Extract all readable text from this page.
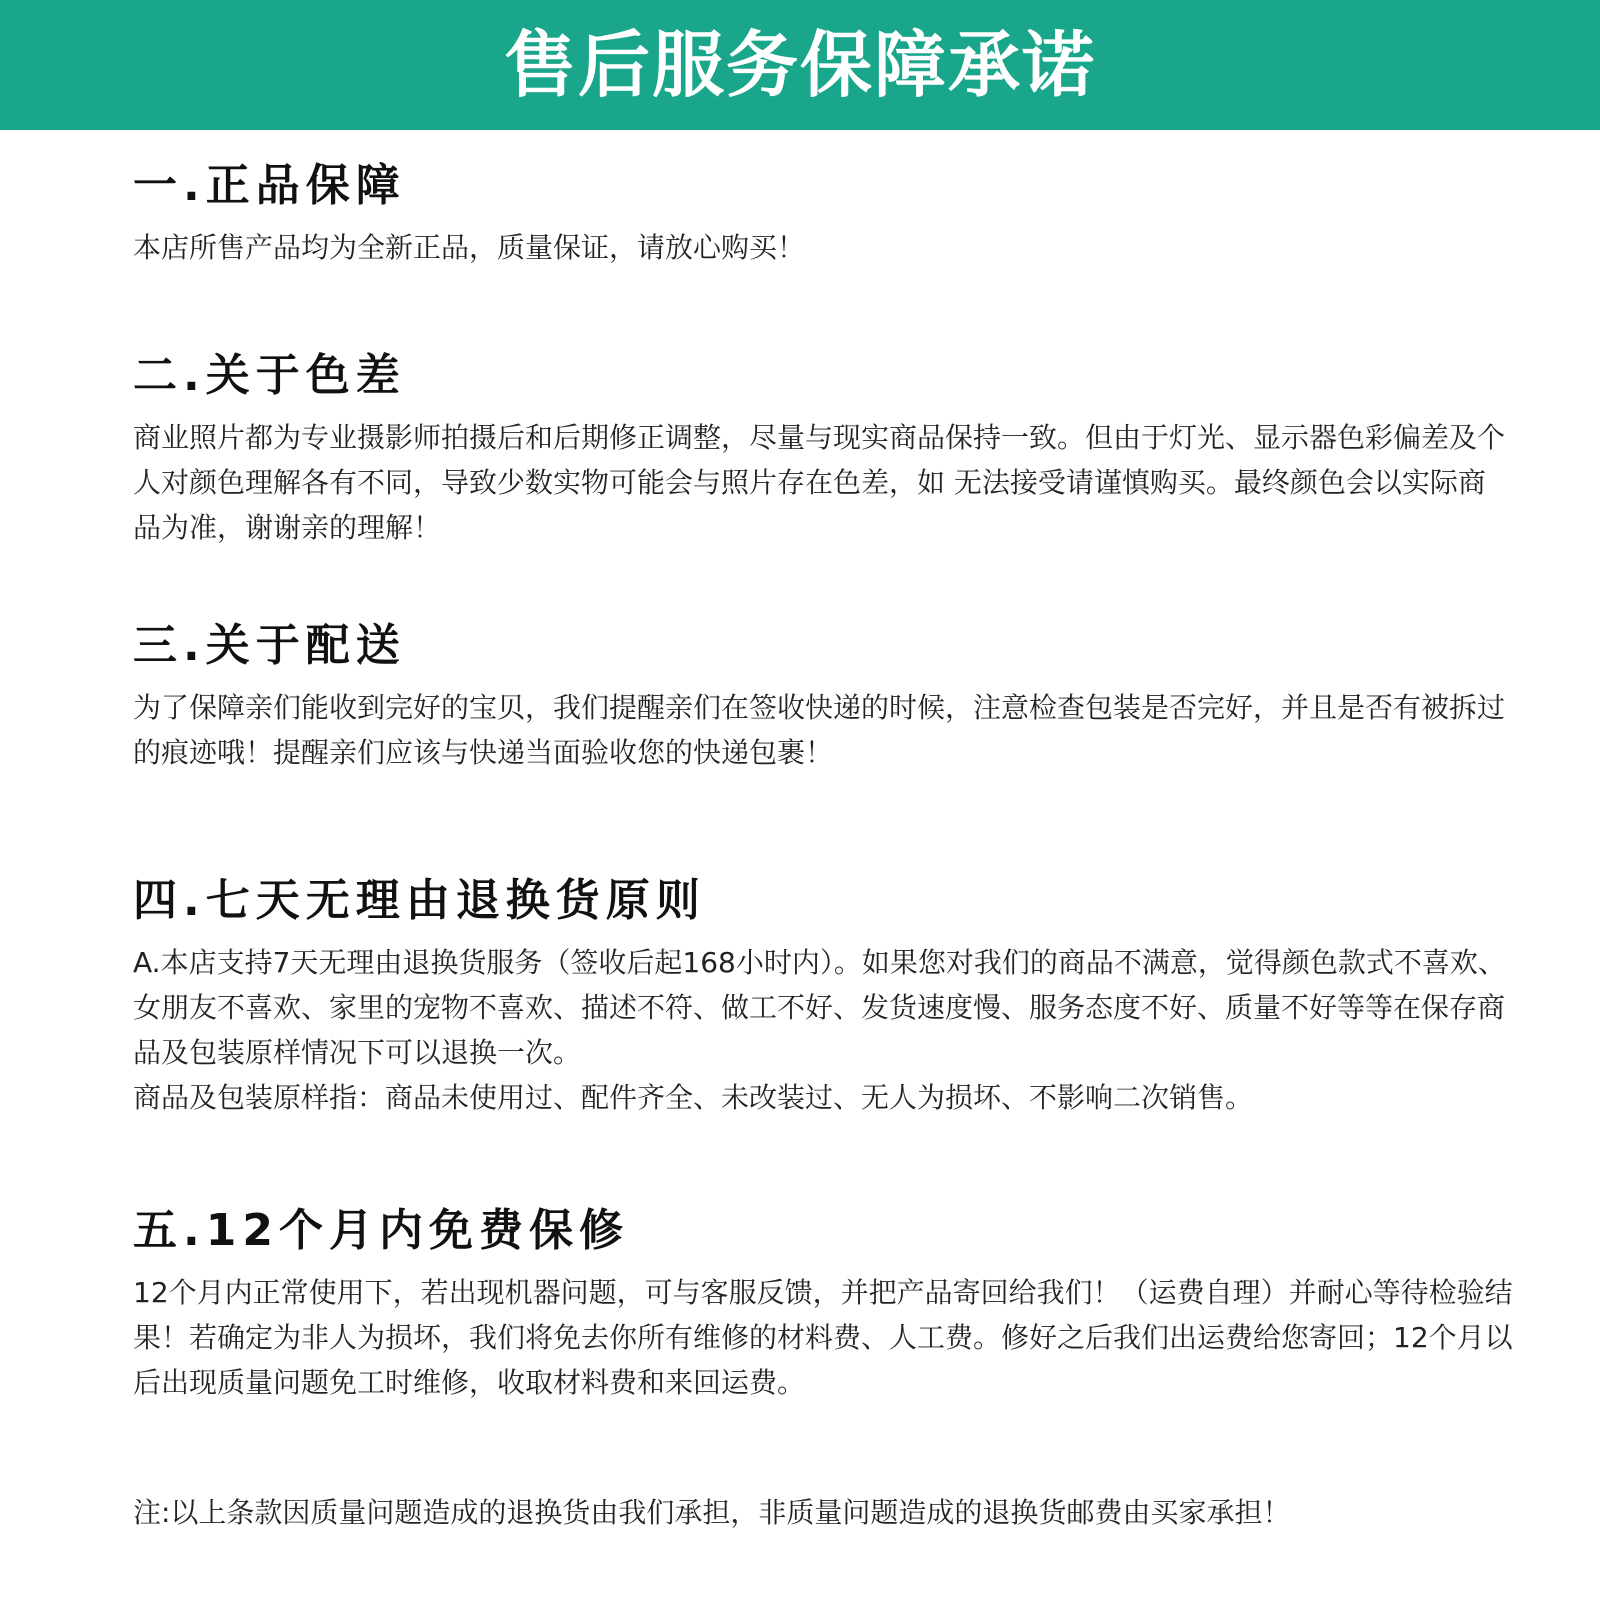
售后服务保障承诺
一.正品保障
本店所售产品均为全新正品，质量保证，请放心购买！
二.关于色差
商业照片都为专业摄影师拍摄后和后期修正调整，尽量与现实商品保持一致。但由于灯光、显示器色彩偏差及个人对颜色理解各有不同，导致少数实物可能会与照片存在色差，如 无法接受请谨慎购买。最终颜色会以实际商品为准，谢谢亲的理解！
三.关于配送
为了保障亲们能收到完好的宝贝，我们提醒亲们在签收快递的时候，注意检查包装是否完好，并且是否有被拆过的痕迹哦！提醒亲们应该与快递当面验收您的快递包裹！
四.七天无理由退换货原则
A.本店支持7天无理由退换货服务（签收后起168小时内）。如果您对我们的商品不满意，觉得颜色款式不喜欢、女朋友不喜欢、家里的宠物不喜欢、描述不符、做工不好、发货速度慢、服务态度不好、质量不好等等在保存商品及包装原样情况下可以退换一次。
商品及包装原样指：商品未使用过、配件齐全、未改装过、无人为损坏、不影响二次销售。
五.12个月内免费保修
12个月内正常使用下，若出现机器问题，可与客服反馈，并把产品寄回给我们！（运费自理）并耐心等待检验结果！若确定为非人为损坏，我们将免去你所有维修的材料费、人工费。修好之后我们出运费给您寄回；12个月以后出现质量问题免工时维修，收取材料费和来回运费。
注:以上条款因质量问题造成的退换货由我们承担，非质量问题造成的退换货邮费由买家承担！
